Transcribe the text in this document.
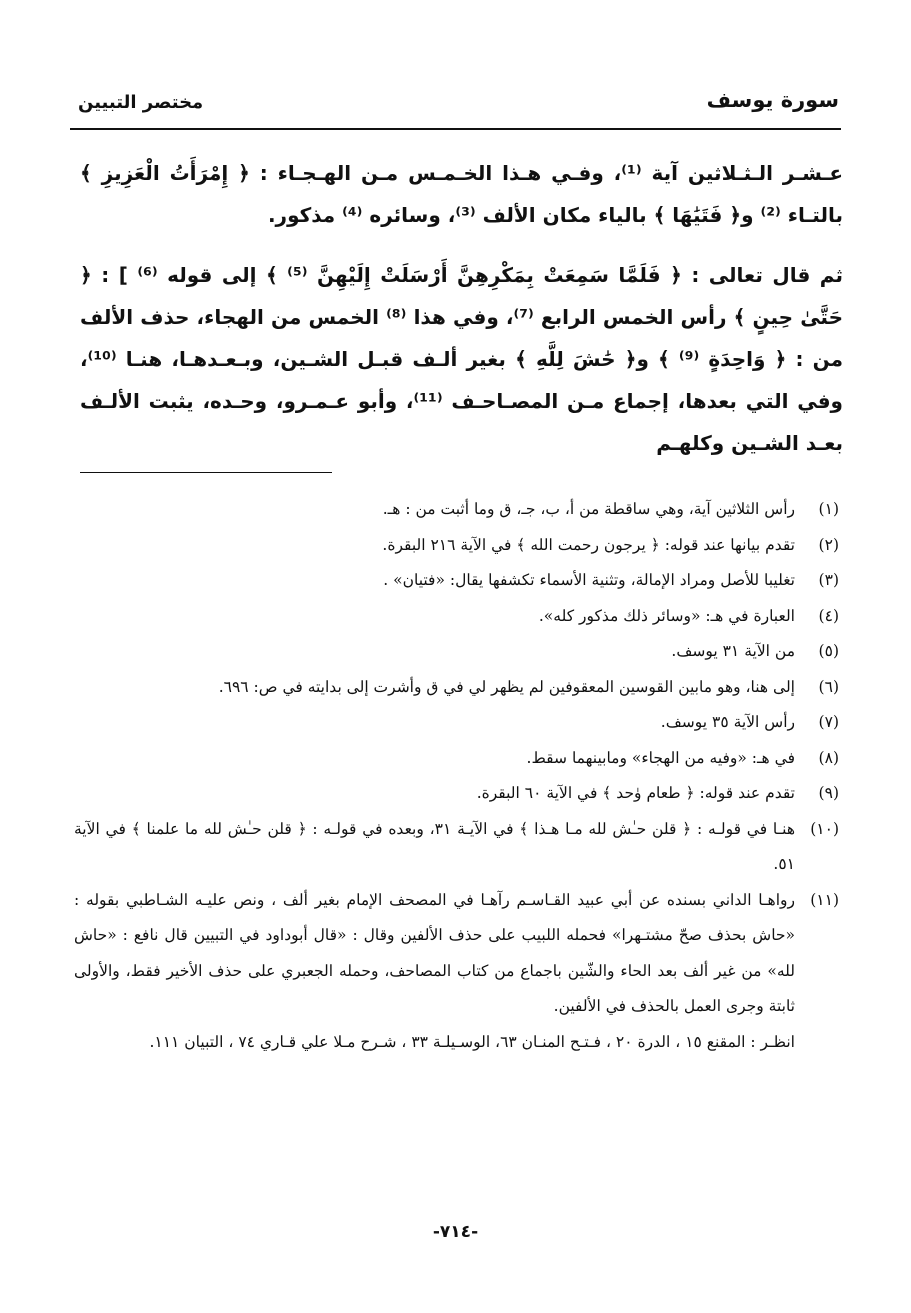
سورة يوسف
مختصر التبيين

عـشـر الـثـلاثين آية ⁽¹⁾، وفـي هـذا الخـمـس مـن الهـجـاء : ﴿ إِمْرَأَتُ الْعَزِيزِ ﴾ بالتـاء ⁽²⁾ و﴿ فَتَيَٰهَا ﴾ بالياء مكان الألف ⁽³⁾، وسائره ⁽⁴⁾ مذكور.

ثم قال تعالى : ﴿ فَلَمَّا سَمِعَتْ بِمَكْرِهِنَّ أَرْسَلَتْ إِلَيْهِنَّ ⁽⁵⁾ ﴾ إلى قوله ⁽⁶⁾ ] : ﴿ حَتَّىٰ حِينٍ ﴾ رأس الخمس الرابع ⁽⁷⁾، وفي هذا ⁽⁸⁾ الخمس من الهجاء، حذف الألف من : ﴿ وَاحِدَةٍ ⁽⁹⁾ ﴾ و﴿ حَٰشَ لِلَّهِ ﴾ بغير ألـف قبـل الشـين، وبـعـدهـا، هنـا ⁽¹⁰⁾، وفي التي بعدها، إجماع مـن المصـاحـف ⁽¹¹⁾، وأبو عـمـرو، وحـده، يثبت الألـف بعـد الشـين وكلهـم

(١)
رأس الثلاثين آية، وهي ساقطة من أ، ب، جـ، ق وما أثبت من : هـ.

(٢)
تقدم بيانها عند قوله: ﴿ يرجون رحمت الله ﴾ في الآية ٢١٦ البقرة.

(٣)
تغليبا للأصل ومراد الإمالة، وتثنية الأسماء تكشفها يقال: «فتيان» .

(٤)
العبارة في هـ: «وسائر ذلك مذكور كله».

(٥)
من الآية ٣١ يوسف.

(٦)
إلى هنا، وهو مابين القوسين المعقوفين لم يظهر لي في ق وأشرت إلى بدايته في ص: ٦٩٦.

(٧)
رأس الآية ٣٥ يوسف.

(٨)
في هـ: «وفيه من الهجاء» ومابينهما سقط.

(٩)
تقدم عند قوله: ﴿ طعام وٰحد ﴾ في الآية ٦٠ البقرة.

(١٠)
هنـا في قولـه : ﴿ قلن حـٰش لله مـا هـذا ﴾ في الآيـة ٣١، وبعده في قولـه : ﴿ قلن حـٰش لله ما علمنا ﴾ في الآية ٥١.

(١١)
رواهـا الداني بسنده عن أبي عبيد القـاسـم رآهـا في المصحف الإمام بغير ألف ، ونص عليـه الشـاطبي بقوله : «حاش بحذف صحّ مشتـهرا» فحمله اللبيب على حذف الألفين وقال : «قال أبوداود في التبيين قال نافع : «حاش لله» من غير ألف بعد الحاء والشّين باجماع من كتاب المصاحف، وحمله الجعبري على حذف الأخير فقط، والأولى ثابتة وجرى العمل بالحذف في الألفين.

انظـر : المقنع ١٥ ، الدرة ٢٠ ، فـتـح المنـان ٦٣، الوسـيلـة ٣٣ ، شـرح مـلا علي قـاري ٧٤ ، التبيان ١١١.

-٧١٤-
